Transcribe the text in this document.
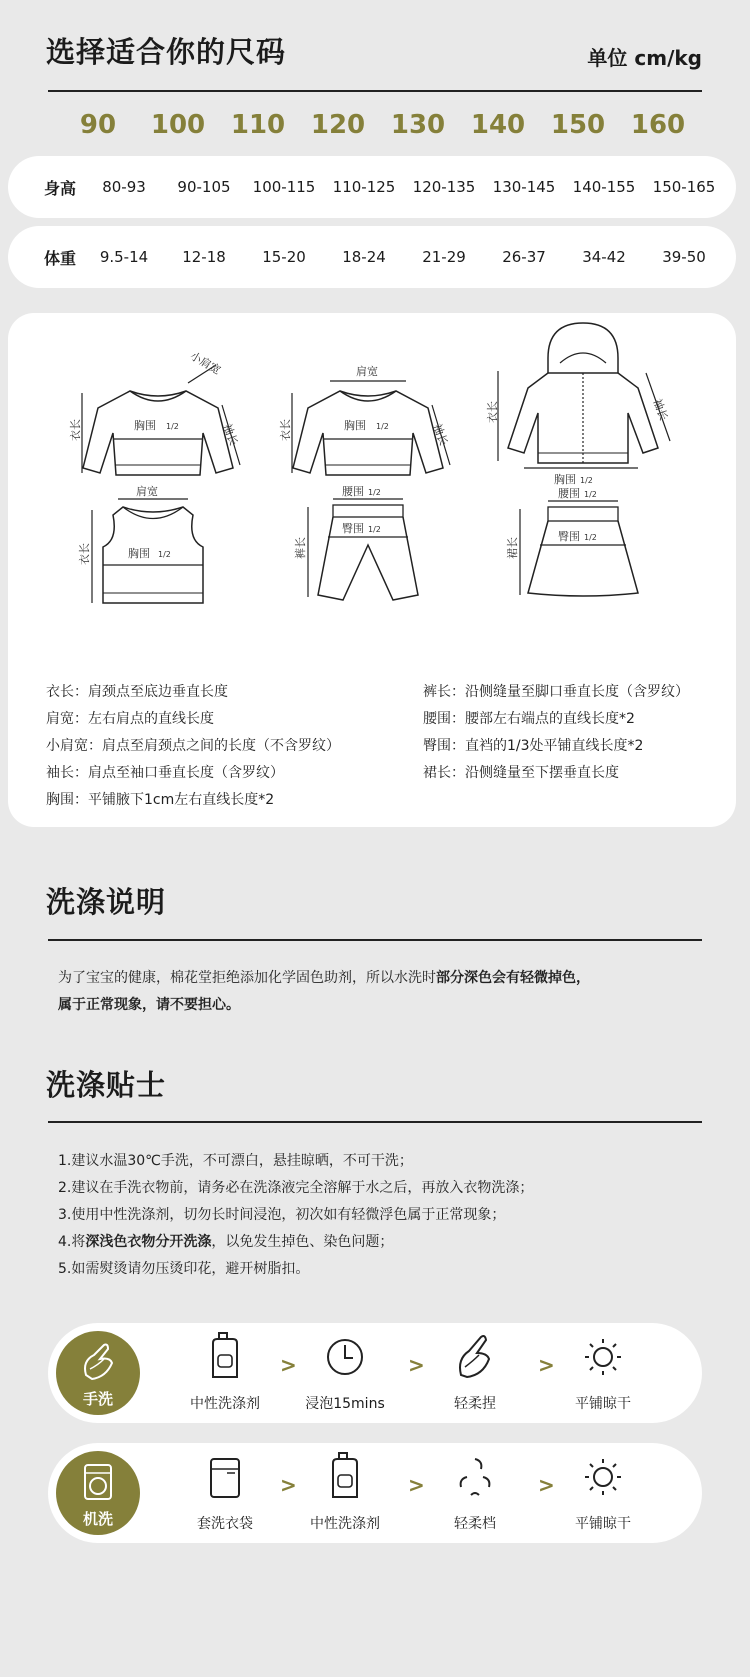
选择适合你的尺码	单位 cm/kg
90	100 110 120 130 140 150 160
身高	80-93	90-105	100-115	110-125	120-135	130-145	140-155	150-165
体重	9.5-14	12-18	15-20	18-24	21-29	26-37	34-42	39-50
衣长
小肩宽
胸围 1/2	袖长	衣长
肩宽
胸围 1/2	袖长
衣长
胸围 1/2
袖长
肩宽
胸围 1/2
衣长
腰围 1/2
臀围 1/2
裤长
腰围 1/2
臀围 1/2
裙长
衣长：肩颈点至底边垂直长度
肩宽：左右肩点的直线长度
小肩宽：肩点至肩颈点之间的长度（不含罗纹）
袖长：肩点至袖口垂直长度（含罗纹）
胸围：平铺腋下1cm左右直线长度*2
裤长：沿侧缝量至脚口垂直长度（含罗纹）
腰围：腰部左右端点的直线长度*2
臀围：直裆的1/3处平铺直线长度*2
裙长：沿侧缝量至下摆垂直长度
洗涤说明
为了宝宝的健康，棉花堂拒绝添加化学固色助剂，所以水洗时部分深色会有轻微掉色，
属于正常现象，请不要担心。
洗涤贴士
1.建议水温30℃手洗，不可漂白，悬挂晾晒，不可干洗；
2.建议在手洗衣物前，请务必在洗涤液完全溶解于水之后，再放入衣物洗涤；
3.使用中性洗涤剂，切勿长时间浸泡，初次如有轻微浮色属于正常现象；
4.将深浅色衣物分开洗涤，以免发生掉色、染色问题；
5.如需熨烫请勿压烫印花，避开树脂扣。
手洗	中性洗涤剂
>
浸泡15mins
>
轻柔捏
>
平铺晾干
机洗	套洗衣袋
>
中性洗涤剂
>
轻柔档
>
平铺晾干
